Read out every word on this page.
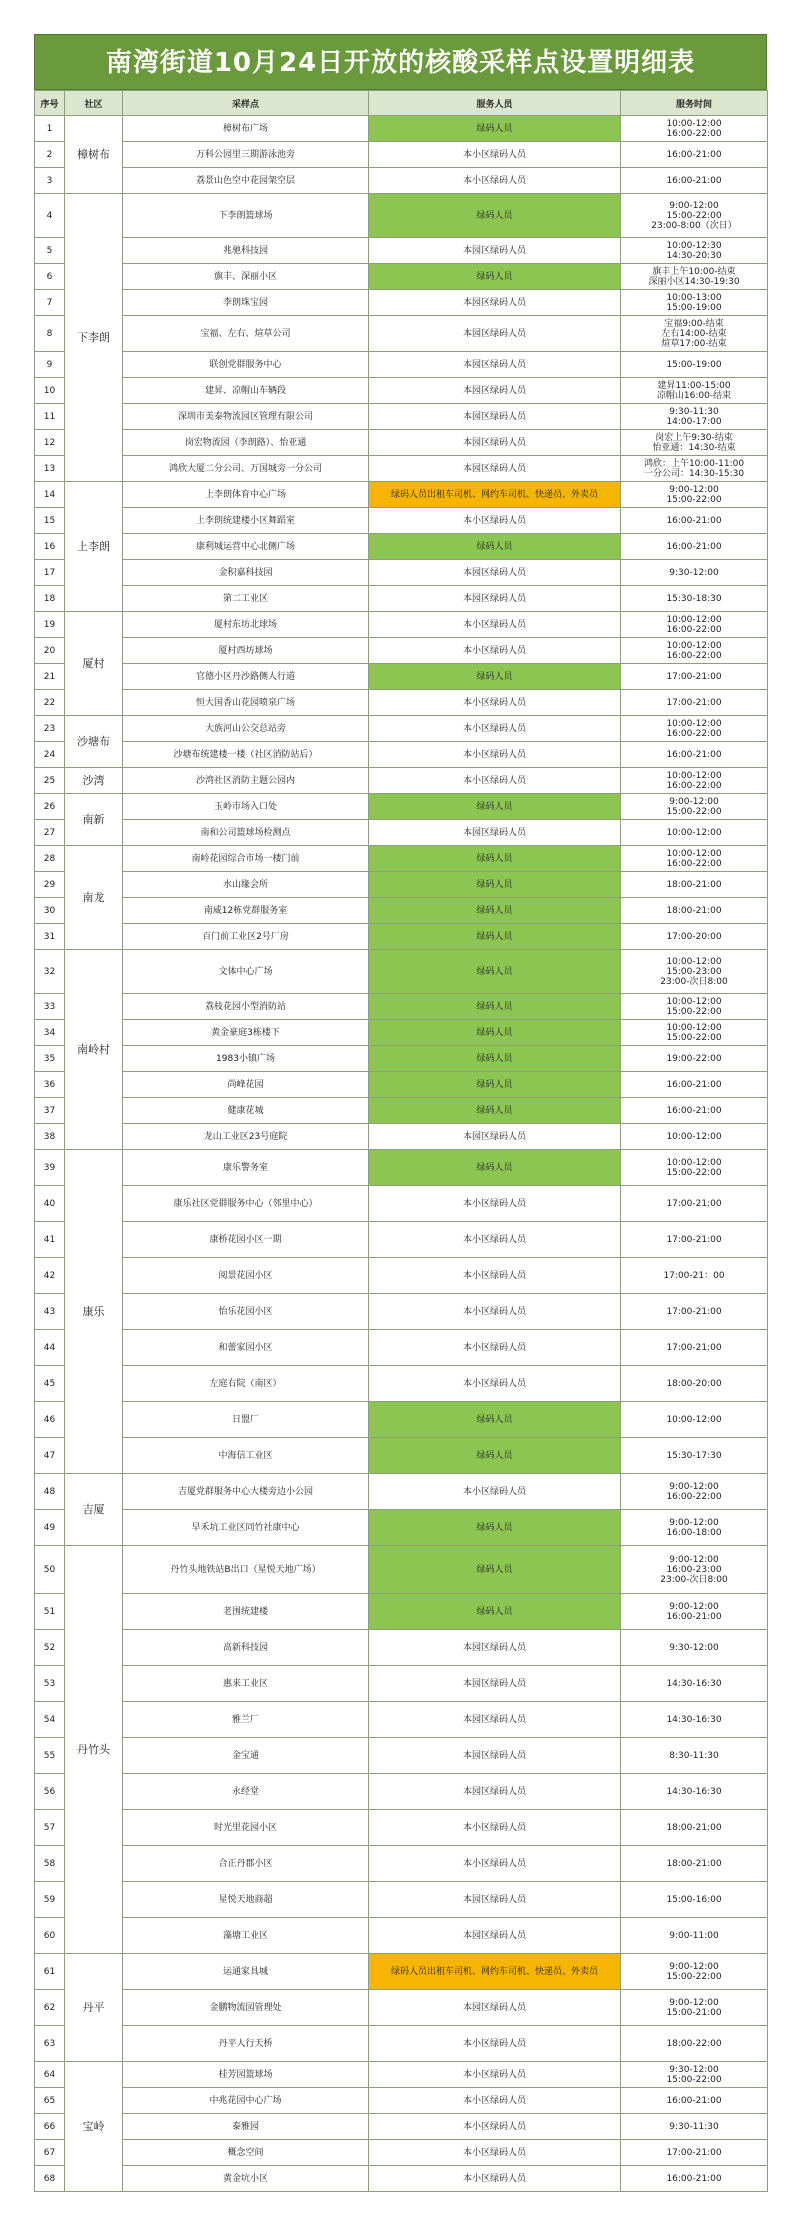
南湾街道10月24日开放的核酸采样点设置明细表
序号	社区	采样点	服务人员	服务时间
1	樟树布	樟树布广场	绿码人员	10:00-12:00
16:00-22:00

2		万科公园里三期游泳池旁	本小区绿码人员	16:00-21:00

3		荔景山色空中花园架空层	本小区绿码人员	16:00-21:00

4	下李朗	下李朗篮球场	绿码人员	9:00-12:00
15:00-22:00
23:00-8:00（次日）

5		兆驰科技园	本园区绿码人员	10:00-12:30
14:30-20:30

6		旗丰、深丽小区	绿码人员	旗丰上午10:00-结束
深丽小区14:30-19:30

7		李朗珠宝园	本园区绿码人员	10:00-13:00
15:00-19:00

8		宝福、左右、煊草公司	本园区绿码人员	宝福9:00-结束
左右14:00-结束
煊草17:00-结束

9		联创党群服务中心	本园区绿码人员	15:00-19:00

10		建昇、凉帽山车辆段	本园区绿码人员	建昇11:00-15:00
凉帽山16:00-结束

11		深圳市美泰物流园区管理有限公司	本园区绿码人员	9:30-11:30
14:00-17:00

12		岗宏物流园（李朗路）、怡亚通	本园区绿码人员	岗宏上午9:30-结束
怡亚通：14:30-结束

13		鸿欣大厦二分公司、万国城旁一分公司	本园区绿码人员	鸿欣：上午10:00-11:00
一分公司：14:30-15:30

14	上李朗	上李朗体育中心广场	绿码人员出租车司机、网约车司机、快递员、外卖员	9:00-12:00
15:00-22:00

15		上李朗统建楼小区舞蹈室	本小区绿码人员	16:00-21:00

16		康利城运营中心北侧广场	绿码人员	16:00-21:00

17		金积嘉科技园	本园区绿码人员	9:30-12:00

18		第二工业区	本园区绿码人员	15:30-18:30

19	厦村	厦村东坊北球场	本小区绿码人员	10:00-12:00
16:00-22:00

20		厦村西坊球场	本小区绿码人员	10:00-12:00
16:00-22:00

21		官德小区丹沙路侧人行道	绿码人员	17:00-21:00

22		恒大国香山花园喷泉广场	本小区绿码人员	17:00-21:00

23	沙塘布	大族河山公交总站旁	本小区绿码人员	10:00-12:00
16:00-22:00

24		沙塘布统建楼一楼（社区消防站后）	本小区绿码人员	16:00-21:00

25	沙湾	沙湾社区消防主题公园内	本小区绿码人员	10:00-12:00
16:00-22:00

26	南新	玉岭市场入口处	绿码人员	9:00-12:00
15:00-22:00

27		南和公司篮球场检测点	本园区绿码人员	10:00-12:00

28	南龙	南岭花园综合市场一楼门前	绿码人员	10:00-12:00
16:00-22:00

29		水山缘会所	绿码人员	18:00-21:00

30		南威12栋党群服务室	绿码人员	18:00-21:00

31		百门前工业区2号厂房	绿码人员	17:00-20:00

32	南岭村	文体中心广场	绿码人员	10:00-12:00
15:00-23:00
23:00-次日8:00

33		荔枝花园小型消防站	绿码人员	10:00-12:00
15:00-22:00

34		黄金豪庭3栋楼下	绿码人员	10:00-12:00
15:00-22:00

35		1983小镇广场	绿码人员	19:00-22:00

36		尚峰花园	绿码人员	16:00-21:00

37		健康花城	绿码人员	16:00-21:00

38		龙山工业区23号庭院	本园区绿码人员	10:00-12:00

39	康乐	康乐警务室	绿码人员	10:00-12:00
15:00-22:00

40		康乐社区党群服务中心（邻里中心）	本小区绿码人员	17:00-21:00

41		康桥花园小区一期	本小区绿码人员	17:00-21:00

42		阅景花园小区	本小区绿码人员	17:00-21：00

43		怡乐花园小区	本小区绿码人员	17:00-21:00

44		和蕾家园小区	本小区绿码人员	17:00-21:00

45		左庭右院（南区）	本小区绿码人员	18:00-20:00

46		日盟厂	绿码人员	10:00-12:00

47		中海信工业区	绿码人员	15:30-17:30

48	吉厦	吉厦党群服务中心大楼旁边小公园	本小区绿码人员	9:00-12:00
16:00-22:00

49		早禾坑工业区同竹社康中心	绿码人员	9:00-12:00
16:00-18:00

50	丹竹头	丹竹头地铁站B出口（星悦天地广场）	绿码人员	9:00-12:00
16:00-23:00
23:00-次日8:00

51		老围统建楼	绿码人员	9:00-12:00
16:00-21:00

52		高新科技园	本园区绿码人员	9:30-12:00

53		惠来工业区	本园区绿码人员	14:30-16:30

54		雅兰厂	本园区绿码人员	14:30-16:30

55		金宝通	本园区绿码人员	8:30-11:30

56		永经堂	本园区绿码人员	14:30-16:30

57		时光里花园小区	本小区绿码人员	18:00-21:00

58		合正丹郡小区	本小区绿码人员	18:00-21:00

59		星悦天地商超	本园区绿码人员	15:00-16:00

60		藻塘工业区	本园区绿码人员	9:00-11:00

61	丹平	运通家具城	绿码人员出租车司机、网约车司机、快递员、外卖员	9:00-12:00
15:00-22:00

62		金鹏物流园管理处	本园区绿码人员	9:00-12:00
15:00-21:00

63		丹平人行天桥	本小区绿码人员	18:00-22:00

64	宝岭	桂芳园篮球场	本小区绿码人员	9:30-12:00
15:00-22:00

65		中兆花园中心广场	本小区绿码人员	16:00-21:00

66		泰雅园	本小区绿码人员	9:30-11:30

67		概念空间	本小区绿码人员	17:00-21:00

68		黄金坑小区	本小区绿码人员	16:00-21:00
